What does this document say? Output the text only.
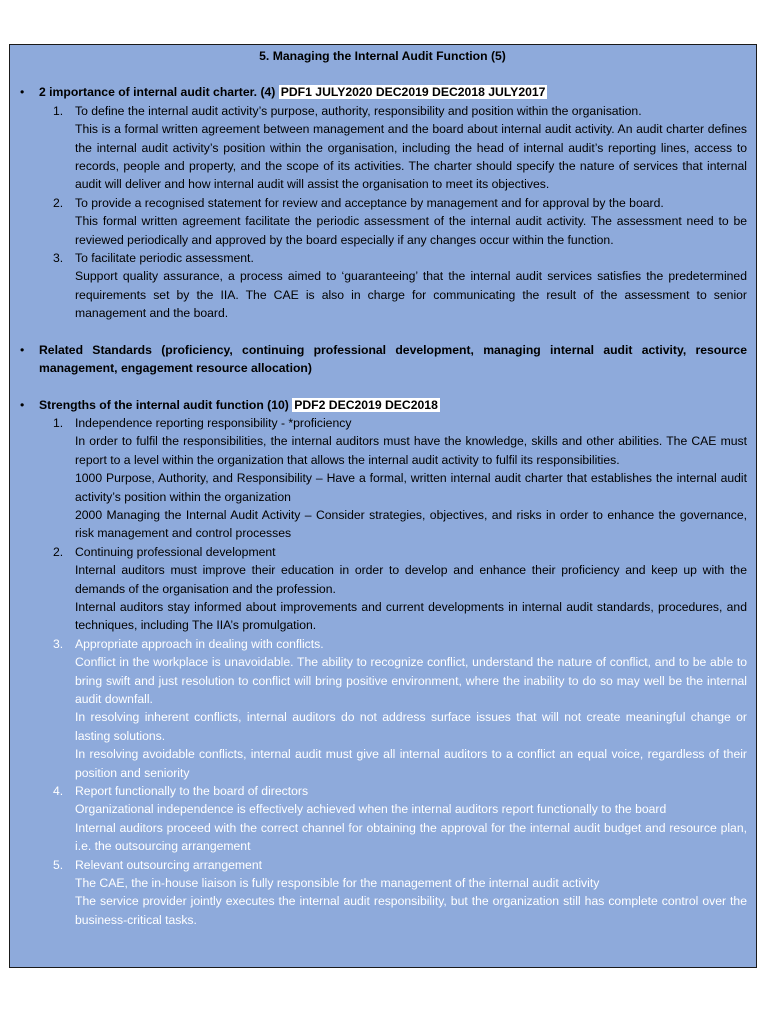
5. Managing the Internal Audit Function (5)
• 2 importance of internal audit charter. (4) PDF1 JULY2020 DEC2019 DEC2018 JULY2017
1. To define the internal audit activity’s purpose, authority, responsibility and position within the organisation.
This is a formal written agreement between management and the board about internal audit activity. An audit charter defines the internal audit activity’s position within the organisation, including the head of internal audit’s reporting lines, access to records, people and property, and the scope of its activities. The charter should specify the nature of services that internal audit will deliver and how internal audit will assist the organisation to meet its objectives.
2. To provide a recognised statement for review and acceptance by management and for approval by the board.
This formal written agreement facilitate the periodic assessment of the internal audit activity. The assessment need to be reviewed periodically and approved by the board especially if any changes occur within the function.
3. To facilitate periodic assessment.
Support quality assurance, a process aimed to ‘guaranteeing’ that the internal audit services satisfies the predetermined requirements set by the IIA. The CAE is also in charge for communicating the result of the assessment to senior management and the board.
• Related Standards (proficiency, continuing professional development, managing internal audit activity, resource management, engagement resource allocation)
• Strengths of the internal audit function (10) PDF2 DEC2019 DEC2018
1. Independence reporting responsibility - *proficiency
In order to fulfil the responsibilities, the internal auditors must have the knowledge, skills and other abilities. The CAE must report to a level within the organization that allows the internal audit activity to fulfil its responsibilities.
1000 Purpose, Authority, and Responsibility – Have a formal, written internal audit charter that establishes the internal audit activity’s position within the organization
2000 Managing the Internal Audit Activity – Consider strategies, objectives, and risks in order to enhance the governance, risk management and control processes
2. Continuing professional development
Internal auditors must improve their education in order to develop and enhance their proficiency and keep up with the demands of the organisation and the profession.
Internal auditors stay informed about improvements and current developments in internal audit standards, procedures, and techniques, including The IIA’s promulgation.
3. Appropriate approach in dealing with conflicts.
Conflict in the workplace is unavoidable. The ability to recognize conflict, understand the nature of conflict, and to be able to bring swift and just resolution to conflict will bring positive environment, where the inability to do so may well be the internal audit downfall.
In resolving inherent conflicts, internal auditors do not address surface issues that will not create meaningful change or lasting solutions.
In resolving avoidable conflicts, internal audit must give all internal auditors to a conflict an equal voice, regardless of their position and seniority
4. Report functionally to the board of directors
Organizational independence is effectively achieved when the internal auditors report functionally to the board
Internal auditors proceed with the correct channel for obtaining the approval for the internal audit budget and resource plan, i.e. the outsourcing arrangement
5. Relevant outsourcing arrangement
The CAE, the in-house liaison is fully responsible for the management of the internal audit activity
The service provider jointly executes the internal audit responsibility, but the organization still has complete control over the business-critical tasks.
